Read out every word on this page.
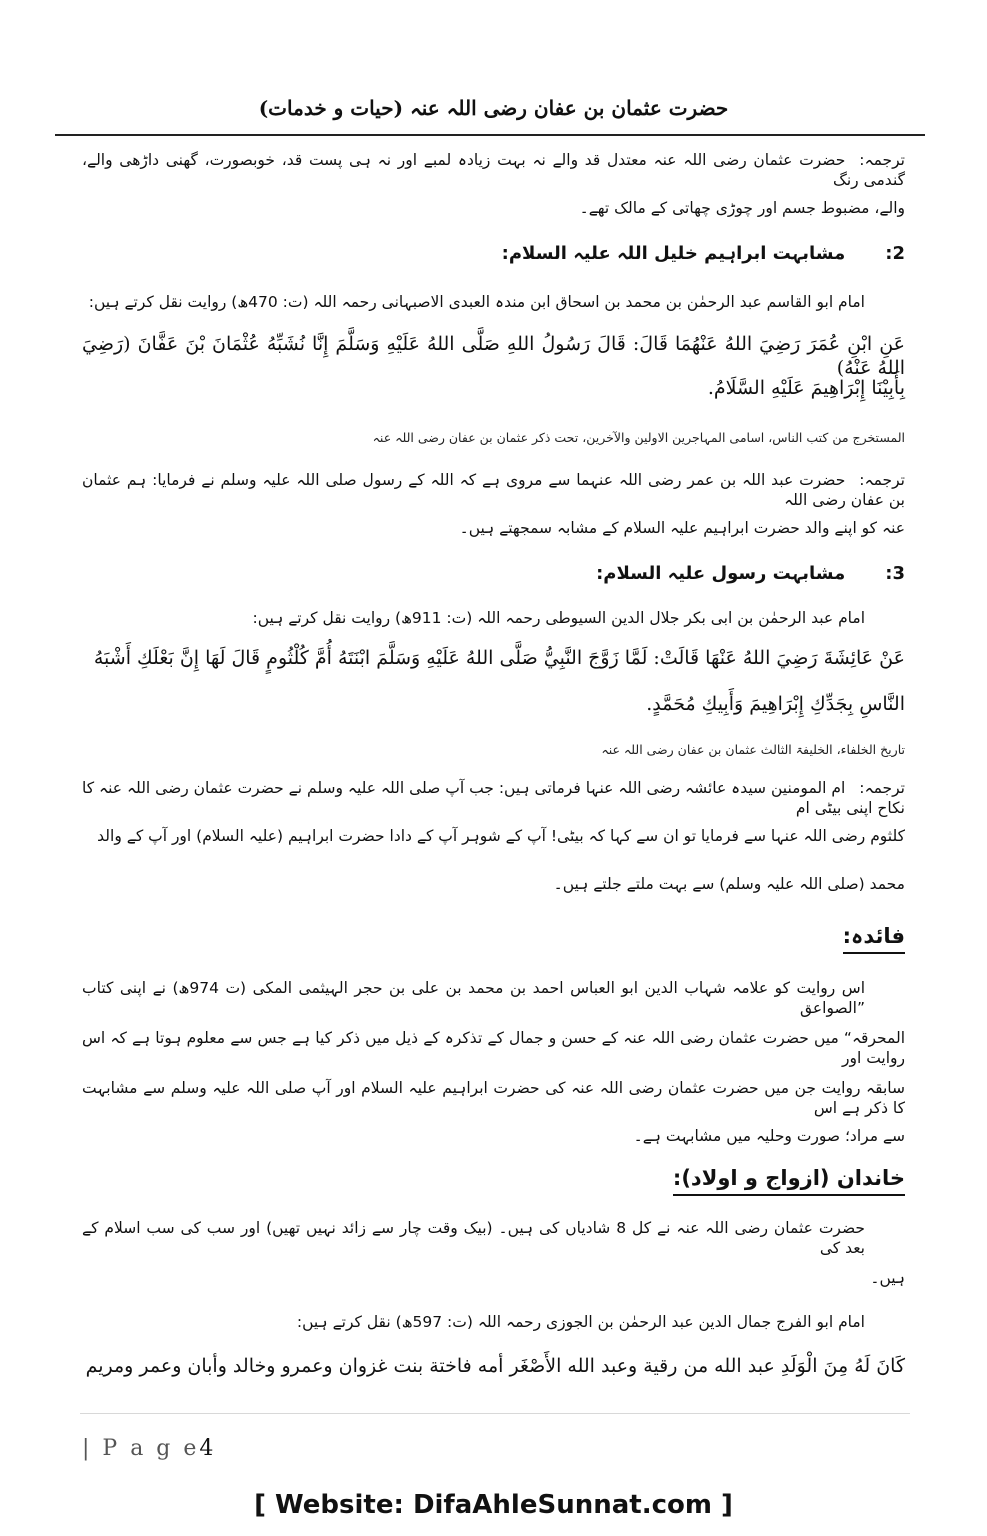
حضرت عثمان بن عفان رضی اللہ عنہ (حیات و خدمات)
ترجمہ:حضرت عثمان رضی اللہ عنہ معتدل قد والے نہ بہت زیادہ لمبے اور نہ ہی پست قد، خوبصورت، گھنی داڑھی والے، گندمی رنگ
والے، مضبوط جسم اور چوڑی چھاتی کے مالک تھے۔
2:مشابہت ابراہیم خلیل اللہ علیہ السلام:
امام ابو القاسم عبد الرحمٰن بن محمد بن اسحاق ابن مندہ العبدی الاصبہانی رحمہ اللہ (ت: 470ھ) روایت نقل کرتے ہیں:
عَنِ ابْنِ عُمَرَ رَضِيَ اللهُ عَنْهُمَا قَالَ: قَالَ رَسُولُ اللهِ صَلَّى اللهُ عَلَيْهِ وَسَلَّمَ إِنَّا نُشَبِّهُ عُثْمَانَ بْنَ عَفَّانَ (رَضِيَ اللهُ عَنْهُ)
بِأَبِيْنَا إِبْرَاهِيمَ عَلَيْهِ السَّلَامُ.
المستخرج من کتب الناس، اسامی المہاجرین الاولین والآخرین، تحت ذکر عثمان بن عفان رضی اللہ عنہ
ترجمہ:حضرت عبد اللہ بن عمر رضی اللہ عنہما سے مروی ہے کہ اللہ کے رسول صلی اللہ علیہ وسلم نے فرمایا: ہم عثمان بن عفان رضی اللہ
عنہ کو اپنے والد حضرت ابراہیم علیہ السلام کے مشابہ سمجھتے ہیں۔
3:مشابہت رسول علیہ السلام:
امام عبد الرحمٰن بن ابی بکر جلال الدین السیوطی رحمہ اللہ (ت: 911ھ) روایت نقل کرتے ہیں:
عَنْ عَائِشَةَ رَضِيَ اللهُ عَنْهَا قَالَتْ: لَمَّا زَوَّجَ النَّبِيُّ صَلَّى اللهُ عَلَيْهِ وَسَلَّمَ ابْنَتَهُ أُمَّ كُلْثُومٍ قَالَ لَهَا إِنَّ بَعْلَكِ أَشْبَهُ
النَّاسِ بِجَدِّكِ إِبْرَاهِيمَ وَأَبِيكِ مُحَمَّدٍ.
تاریخ الخلفاء، الخلیفۃ الثالث عثمان بن عفان رضی اللہ عنہ
ترجمہ:ام المومنین سیدہ عائشہ رضی اللہ عنہا فرماتی ہیں: جب آپ صلی اللہ علیہ وسلم نے حضرت عثمان رضی اللہ عنہ کا نکاح اپنی بیٹی ام
کلثوم رضی اللہ عنہا سے فرمایا تو ان سے کہا کہ بیٹی! آپ کے شوہر آپ کے دادا حضرت ابراہیم (علیہ السلام) اور آپ کے والد
محمد (صلی اللہ علیہ وسلم) سے بہت ملتے جلتے ہیں۔
فائدہ:
اس روایت کو علامہ شہاب الدین ابو العباس احمد بن محمد بن علی بن حجر الہیثمی المکی (ت 974ھ) نے اپنی کتاب ”الصواعق
المحرقہ“ میں حضرت عثمان رضی اللہ عنہ کے حسن و جمال کے تذکرہ کے ذیل میں ذکر کیا ہے جس سے معلوم ہوتا ہے کہ اس روایت اور
سابقہ روایت جن میں حضرت عثمان رضی اللہ عنہ کی حضرت ابراہیم علیہ السلام اور آپ صلی اللہ علیہ وسلم سے مشابہت کا ذکر ہے اس
سے مراد؛ صورت وحلیہ میں مشابہت ہے۔
خاندان (ازواج و اولاد):
حضرت عثمان رضی اللہ عنہ نے کل 8 شادیاں کی ہیں۔ (بیک وقت چار سے زائد نہیں تھیں) اور سب کی سب اسلام کے بعد کی
ہیں۔
امام ابو الفرج جمال الدین عبد الرحمٰن بن الجوزی رحمہ اللہ (ت: 597ھ) نقل کرتے ہیں:
كَانَ لَهُ مِنَ الْوَلَدِ عبد الله من رقية وعبد الله الأَصْغَر أمه فاختة بنت غزوان وعمرو وخالد وأبان وعمر ومريم
| P a g e4
[ Website: DifaAhleSunnat.com ]
